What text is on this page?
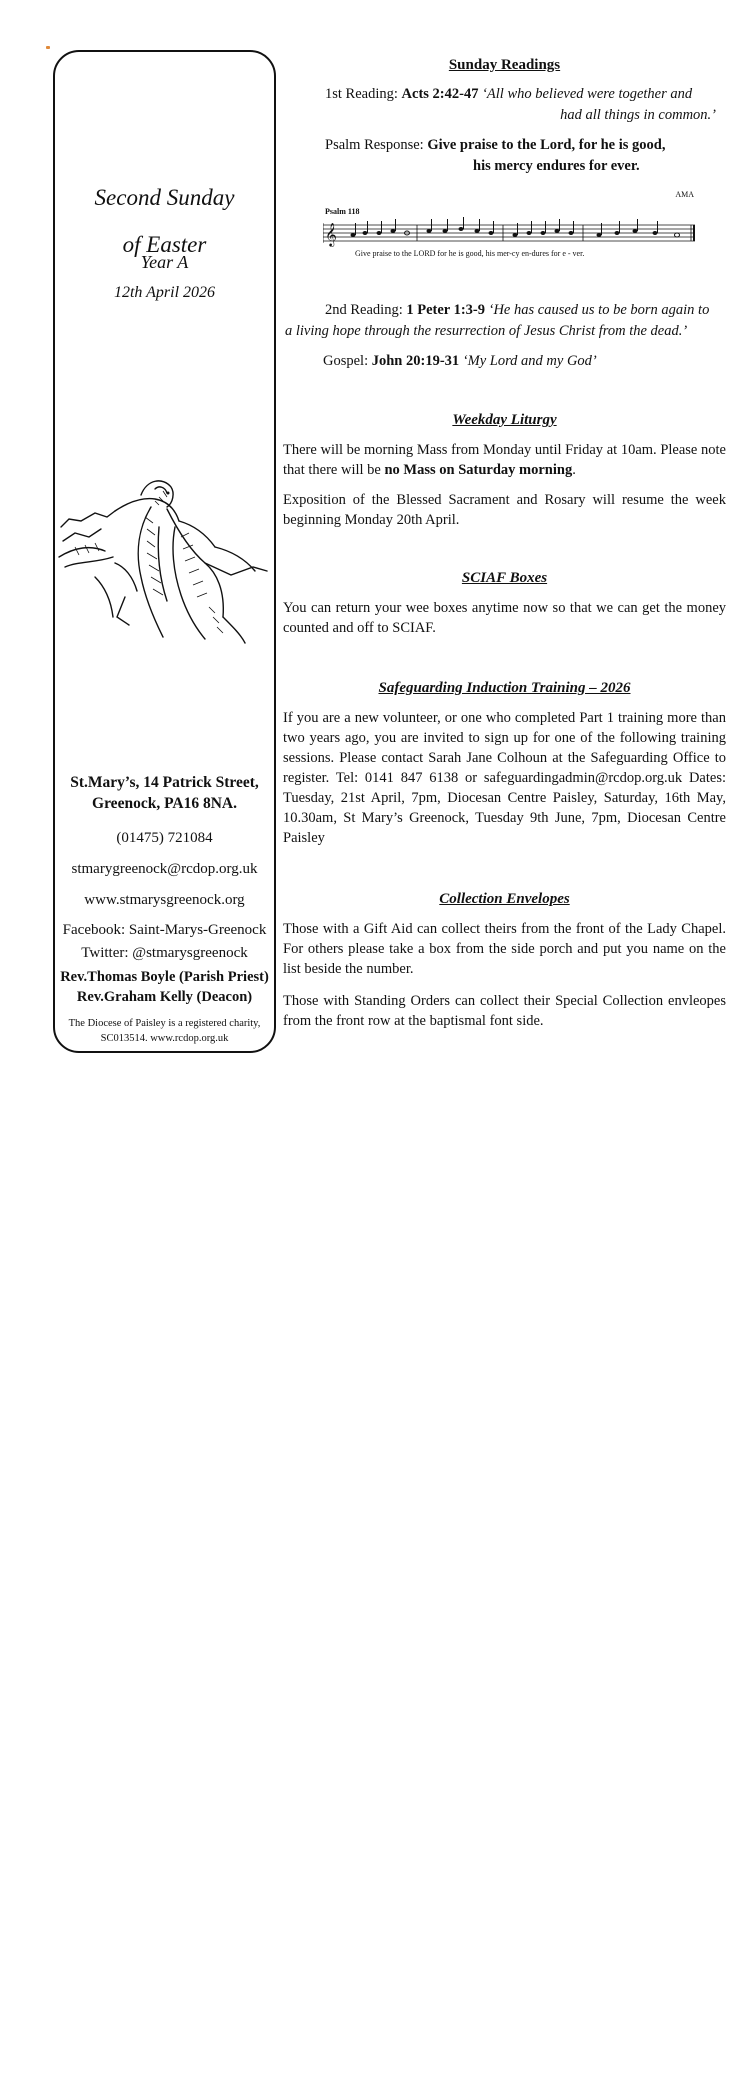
Second Sunday
of Easter
Year A
12th April 2026
St.Mary’s, 14 Patrick Street,
Greenock, PA16 8NA.
(01475) 721084
stmarygreenock@rcdop.org.uk
www.stmarysgreenock.org
Facebook: Saint-Marys-Greenock
Twitter: @stmarysgreenock
Rev.Thomas Boyle (Parish Priest)
Rev.Graham Kelly (Deacon)
The Diocese of Paisley is a registered charity,
SC013514. www.rcdop.org.uk
Sunday Readings
1st Reading: Acts 2:42-47 ‘All who believed were together and
had all things in common.’
Psalm Response: Give praise to the Lord, for he is good,
his mercy endures for ever.
AMA
Psalm 118
𝄞
Give praise to the LORD for he is good, his mer-cy en-dures for e - ver.
2nd Reading: 1 Peter 1:3-9 ‘He has caused us to be born again to
a living hope through the resurrection of Jesus Christ from the dead.’
Gospel: John 20:19-31 ‘My Lord and my God’
Weekday Liturgy
There will be morning Mass from Monday until Friday at 10am. Please note that there will be no Mass on Saturday morning.
Exposition of the Blessed Sacrament and Rosary will resume the week beginning Monday 20th April.
SCIAF Boxes
You can return your wee boxes anytime now so that we can get the money counted and off to SCIAF.
Safeguarding Induction Training – 2026
If you are a new volunteer, or one who completed Part 1 training more than two years ago, you are invited to sign up for one of the following training sessions. Please contact Sarah Jane Colhoun at the Safeguarding Office to register. Tel: 0141 847 6138 or safeguardingadmin@rcdop.org.uk Dates: Tuesday, 21st April, 7pm, Diocesan Centre Paisley, Saturday, 16th May, 10.30am, St Mary’s Greenock, Tuesday 9th June, 7pm, Diocesan Centre Paisley
Collection Envelopes
Those with a Gift Aid can collect theirs from the front of the Lady Chapel. For others please take a box from the side porch and put you name on the list beside the number.
Those with Standing Orders can collect their Special Collection envleopes from the front row at the baptismal font side.
